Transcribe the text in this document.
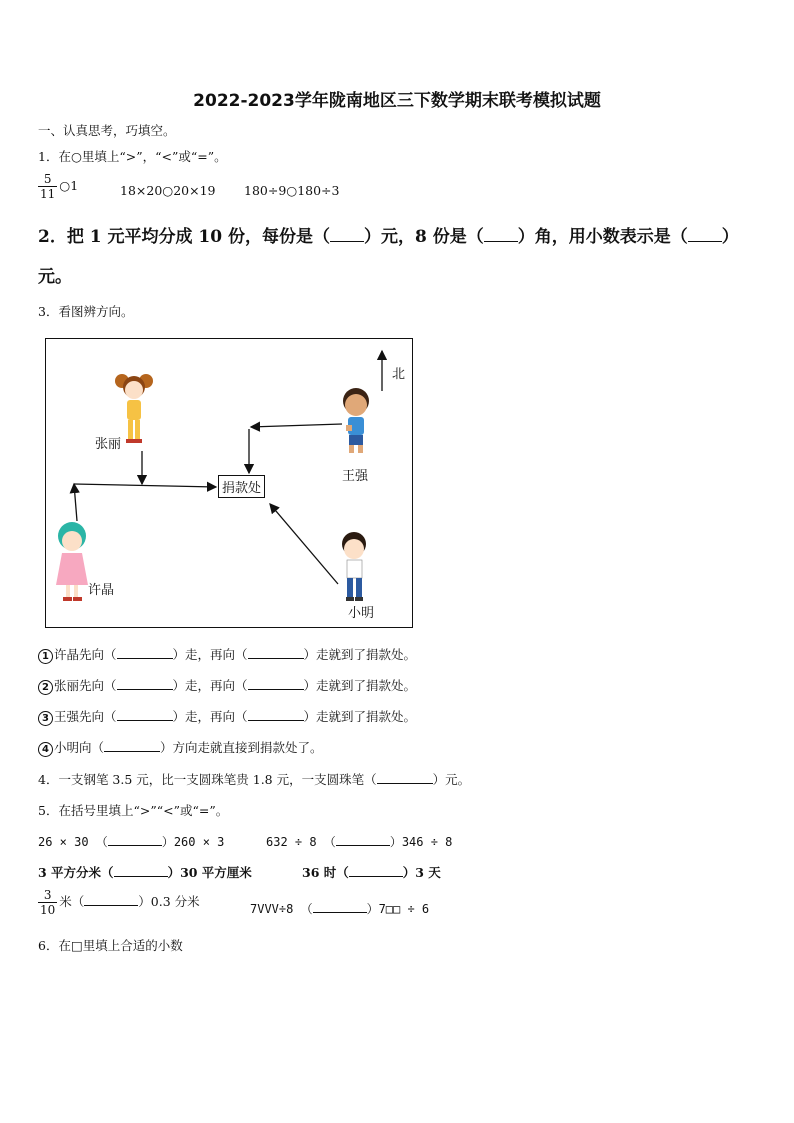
2022-2023学年陇南地区三下数学期末联考模拟试题
一、认真思考，巧填空。
1．在○里填上“>”，“<”或“=”。
$\frac{5}{11}$ ○1	18×20○20×19 180÷9○180÷3
2．把 1 元平均分成 10 份，每份是（ ）元，8 份是（ ）角，用小数表示是（ ）
元。
3．看图辨方向。
北
张丽
王强
许晶
小明
捐款处
1 许晶先向（	）走，再向（	）走就到了捐款处。
2 张丽先向（	）走，再向（	）走就到了捐款处。
3 王强先向（	）走，再向（	）走就到了捐款处。
4 小明向（	）方向走就直接到捐款处了。
4．一支钢笔 3.5 元，比一支圆珠笔贵 1.8 元，一支圆珠笔（	）元。
5．在括号里填上“>”“<”或“=”。
26 × 30 （	）260 × 3	632 ÷ 8 （	）346 ÷ 8
3 平方分米（	）30 平方厘米	36 时（	）3 天
$\frac{3}{10}$ 米（	）0.3 分米	7VVV÷8 （	）7□□ ÷ 6
6．在□里填上合适的小数
